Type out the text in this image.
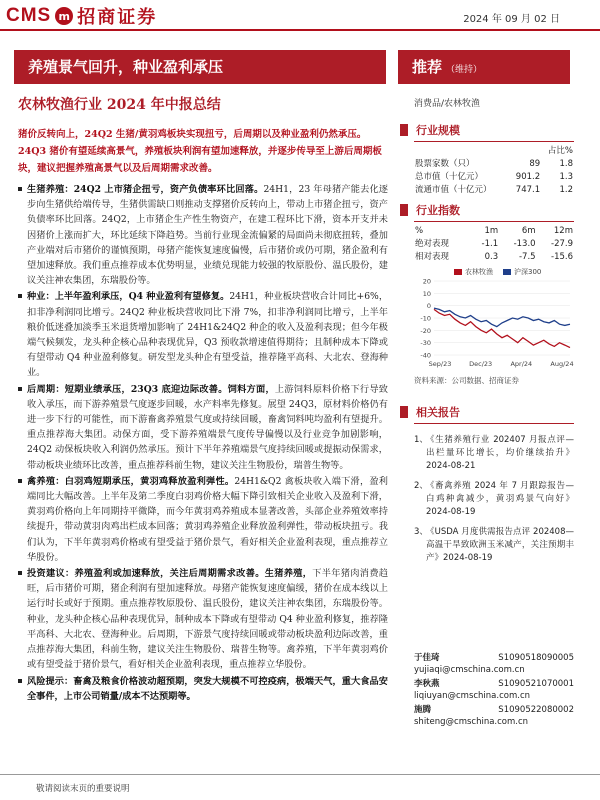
CMS m 招商证券	2024 年 09 月 02 日
养殖景气回升，种业盈利承压	推荐 （维持）
农林牧渔行业 2024 年中报总结	消费品/农林牧渔
猪价反转向上，24Q2 生猪/黄羽鸡板块实现扭亏，后周期以及种业盈利仍然承压。24Q3 猪价有望延续高景气，养殖板块利润有望加速释放，并逐步传导至上游后周期板块，建议把握养殖高景气以及后周期需求改善。

生猪养殖：24Q2 上市猪企扭亏，资产负债率环比回落。24H1，23 年母猪产能去化逐步向生猪供给端传导，生猪供需缺口则推动支撑猪价反转向上，带动上市猪企扭亏，资产负债率环比回落。24Q2，上市猪企生产性生物资产，在建工程环比下滑，资本开支并未因猪价上涨而扩大，环比延续下降趋势。当前行业现金流偏紧的局面尚未彻底扭转，叠加产业端对后市猪价的谨慎预期，母猪产能恢复速度偏慢，后市猪价或仍可期，猪企盈利有望加速释放。我们重点推荐成本优势明显，业绩兑现能力较强的牧原股份、温氏股份，建议关注神农集团，东瑞股份等。

种业：上半年盈利承压，Q4 种业盈利有望修复。24H1，种业板块营收合计同比+6%，扣非净利润同比增亏。24Q2 种业板块营收同比下滑 7%，扣非净利润同比增亏，上半年粮价低迷叠加淡季玉米退货增加影响了 24H1&24Q2 种企的收入及盈利表现；但今年极端气候频发，龙头种企核心品种表现优异，Q3 预收款增速值得期待；且制种成本下降或有望带动 Q4 种业盈利修复。研发型龙头种企有望受益，推荐隆平高科、大北农、登海种业。

后周期：短期业绩承压，23Q3 底迎边际改善。饲料方面，上游饲料原料价格下行导致收入承压，而下游养殖景气度逐步回暖，水产料率先修复。展望 24Q3，原材料价格仍有进一步下行的可能性，而下游畜禽养殖景气度或持续回暖，畜禽饲料吨均盈利有望提升。重点推荐海大集团。动保方面，受下游养殖端景气度传导偏慢以及行业竞争加剧影响，24Q2 动保板块收入利润仍然承压。预计下半年养殖端景气度持续回暖或提振动保需求，带动板块业绩环比改善，重点推荐科前生物，建议关注生物股份，瑞普生物等。

禽养殖：白羽鸡短期承压，黄羽鸡释放盈利弹性。24H1&Q2 禽板块收入端下滑，盈利端同比大幅改善。上半年及第二季度白羽鸡价格大幅下降引致相关企业收入及盈利下滑，黄羽鸡价格向上年同期持平微降，而今年黄羽鸡养殖成本显著改善，头部企业养殖效率持续提升，带动黄羽肉鸡出栏成本回落；黄羽鸡养殖企业释放盈利弹性，带动板块扭亏。我们认为，下半年黄羽鸡价格或有望受益于猪价景气，看好相关企业盈利表现，重点推荐立华股份。

投资建议：养殖盈利或加速释放，关注后周期需求改善。生猪养殖，下半年猪肉消费趋旺，后市猪价可期，猪企利润有望加速释放。母猪产能恢复速度偏缓，猪价在成本线以上运行时长或好于预期。重点推荐牧原股份、温氏股份，建议关注神农集团，东瑞股份等。种业，龙头种企核心品种表现优异，制种成本下降或有望带动 Q4 种业盈利修复，推荐隆平高科、大北农、登海种业。后周期，下游景气度持续回暖或带动板块盈利边际改善，重点推荐海大集团，科前生物，建议关注生物股份、瑞普生物等。禽养殖，下半年黄羽鸡价或有望受益于猪价景气，看好相关企业盈利表现，重点推荐立华股份。

风险提示：畜禽及粮食价格波动超预期，突发大规模不可控疫病，极端天气，重大食品安全事件，上市公司销量/成本不达预期等。

行业规模
		占比%
股票家数（只）	89	1.8
总市值（十亿元）	901.2	1.3
流通市值（十亿元）	747.1	1.2
行业指数
%	1m	6m	12m
绝对表现	-1.1	-13.0	-27.9
相对表现	0.3	-7.5	-15.6
农林牧渔	沪深300
20
10
0
-10
-20
-30
-40
Sep/23	Dec/23	Apr/24	Aug/24
资料来源：公司数据、招商证券
相关报告
1、
《生猪养殖行业 202407 月报点评—出栏量环比增长，均价继续抬升》2024-08-21
2、
《畜禽养殖 2024 年 7 月跟踪报告—白鸡种禽减少，黄羽鸡景气向好》2024-08-19
3、
《USDA 月度供需报告点评 202408—高温干旱致欧洲玉米减产，关注预期丰产》2024-08-19
于佳琦	S1090518090005
yujiaqi@cmschina.com.cn
李秋燕	S1090521070001
liqiuyan@cmschina.com.cn
施腾	S1090522080002
shiteng@cmschina.com.cn
敬请阅读末页的重要说明
